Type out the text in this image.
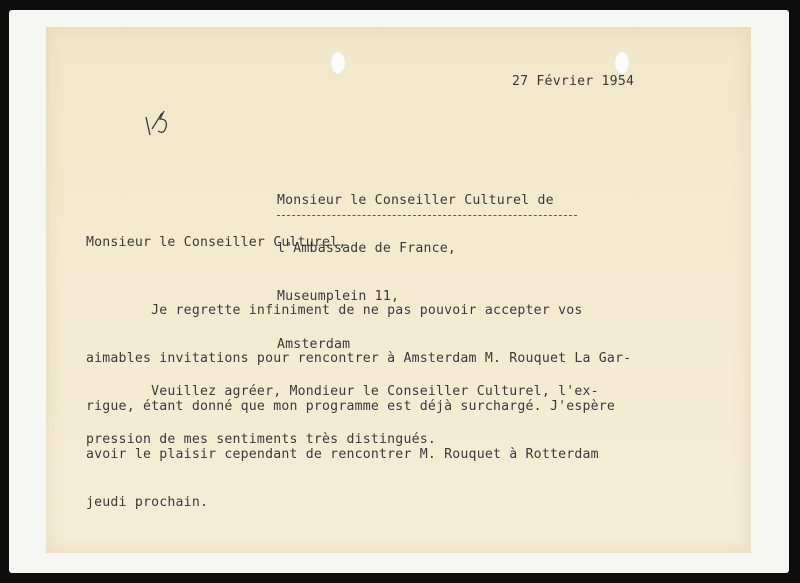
27 Février 1954

Monsieur le Conseiller Culturel de

l'Ambassade de France,

Museumplein 11,

Amsterdam

Monsieur le Conseiller Culturel,

Je regrette infiniment de ne pas pouvoir accepter vos

aimables invitations pour rencontrer à Amsterdam M. Rouquet La Gar-

rigue, étant donné que mon programme est déjà surchargé. J'espère

avoir le plaisir cependant de rencontrer M. Rouquet à Rotterdam

jeudi prochain.

Veuillez agréer, Mondieur le Conseiller Culturel, l'ex-

pression de mes sentiments très distingués.
